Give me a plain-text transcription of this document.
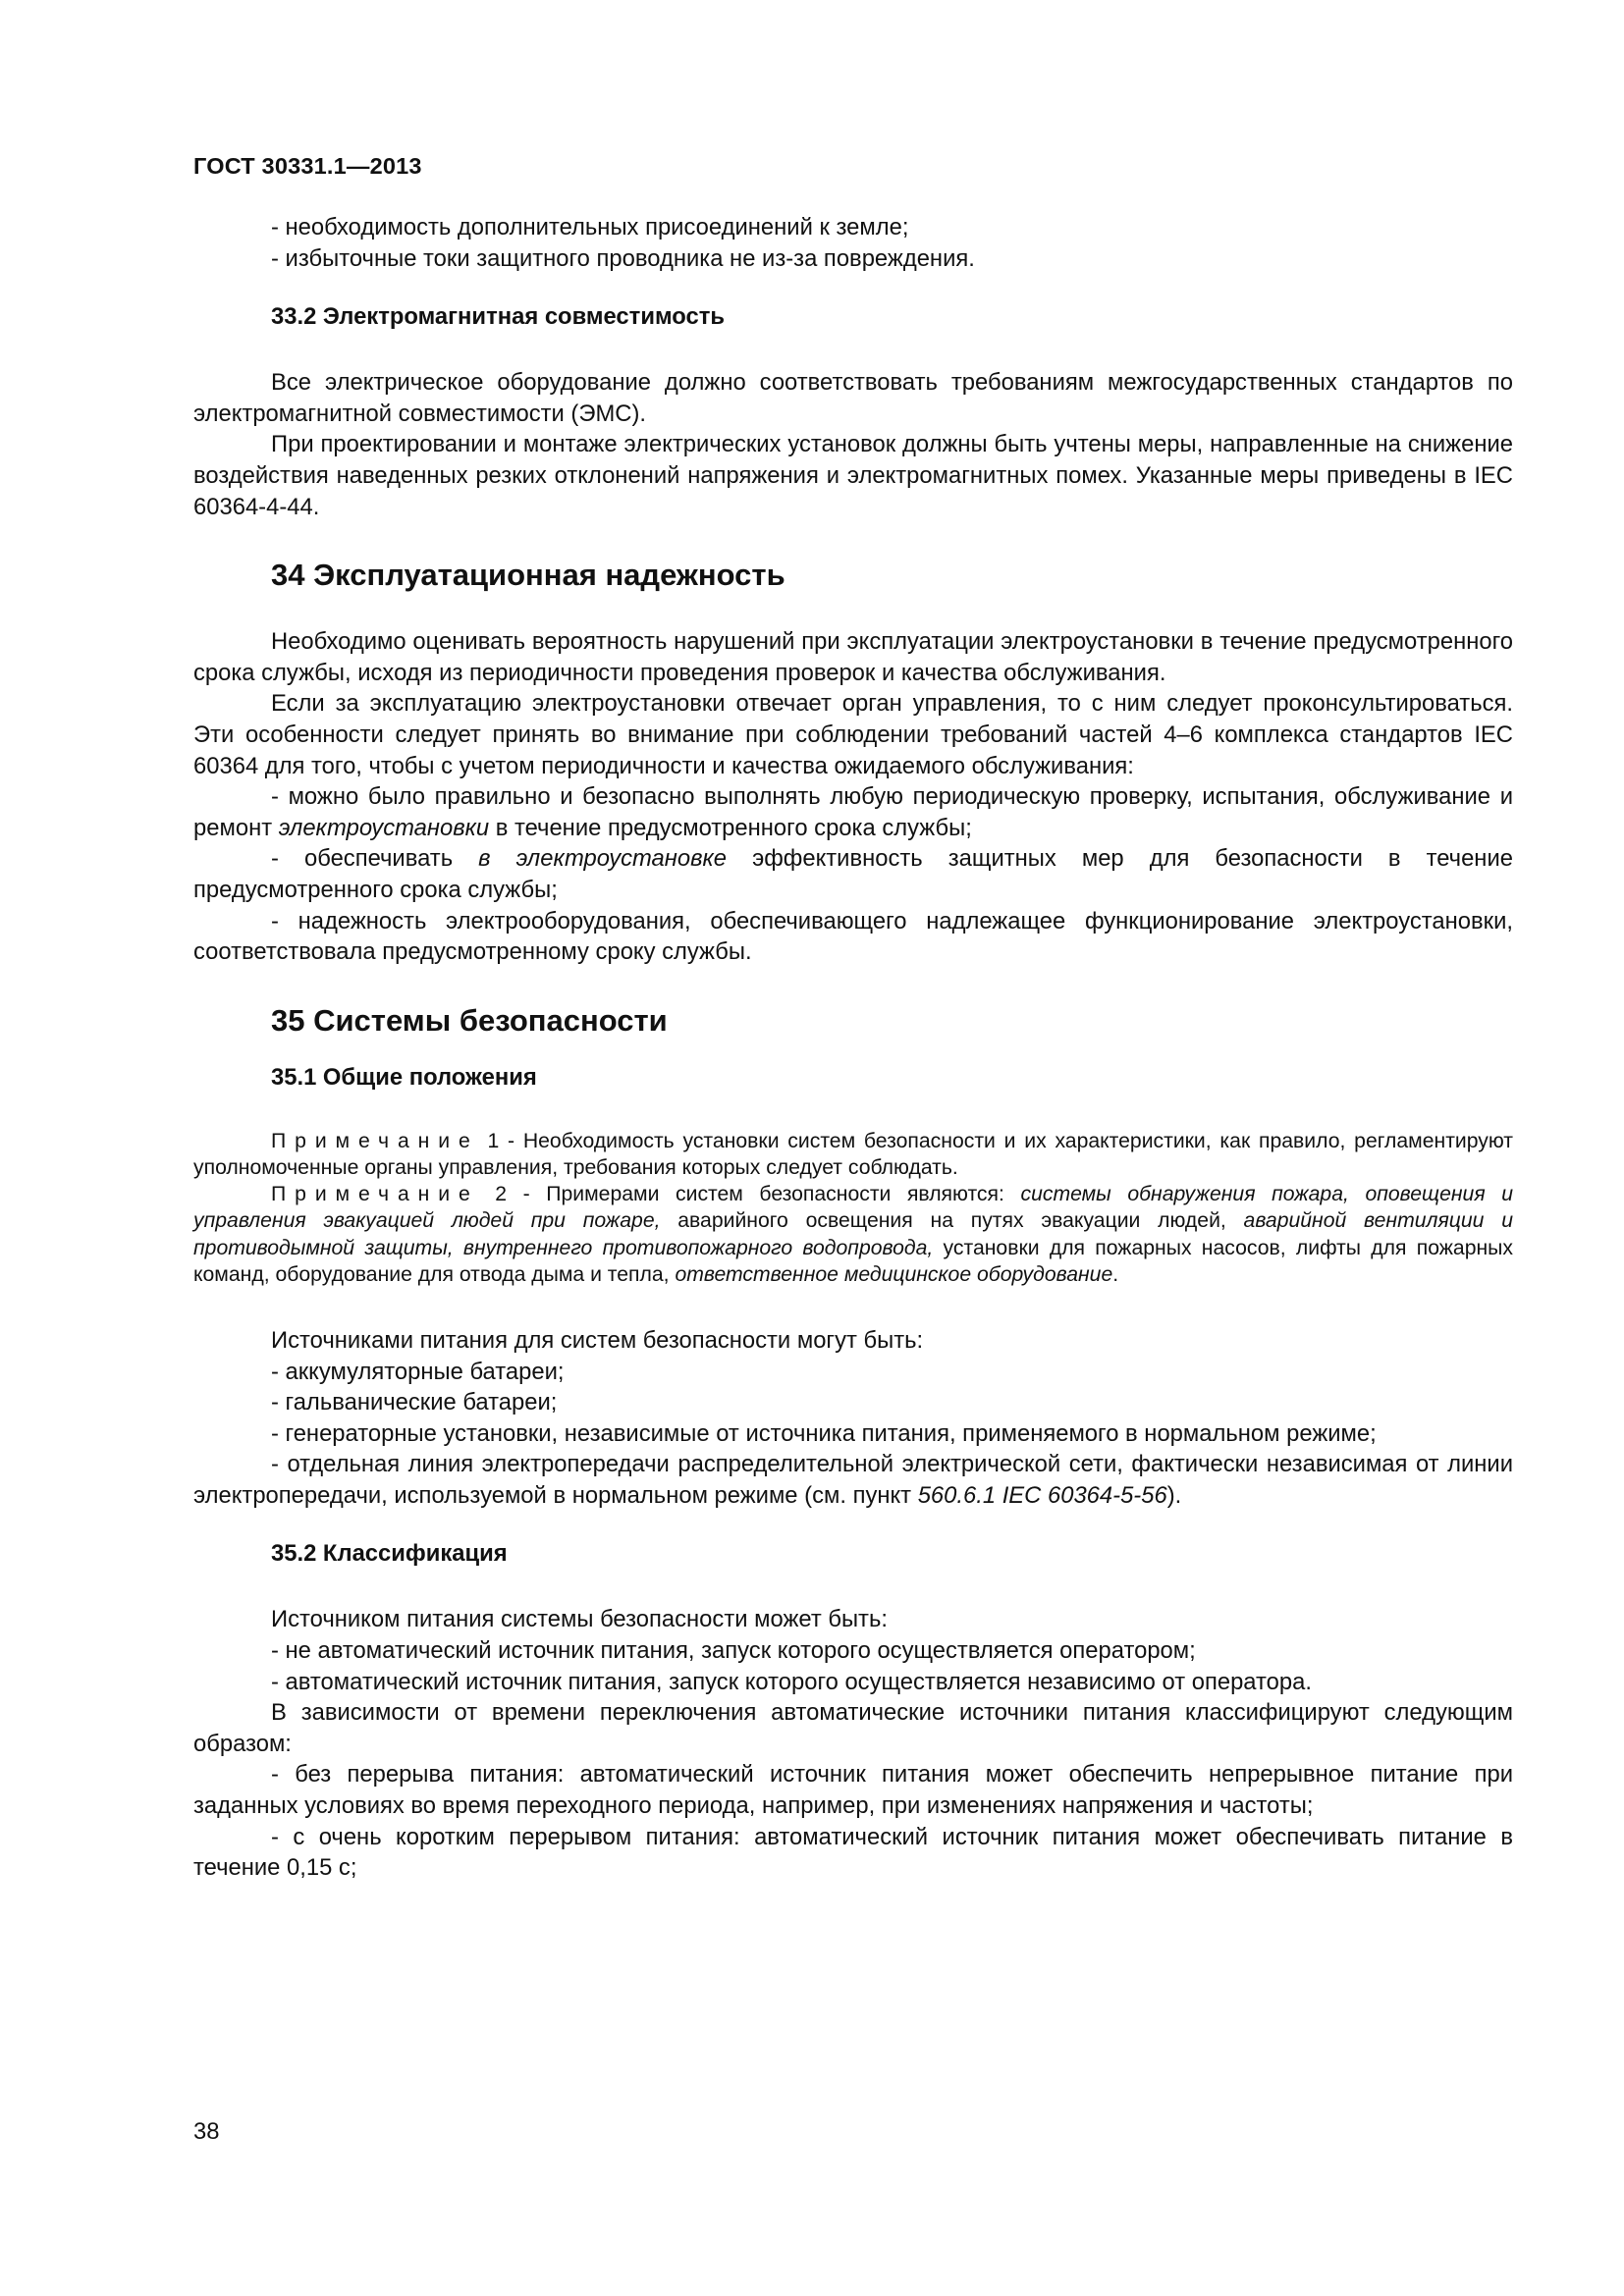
ГОСТ 30331.1—2013

- необходимость дополнительных присоединений к земле;

- избыточные токи защитного проводника не из-за повреждения.

33.2 Электромагнитная совместимость

Все электрическое оборудование должно соответствовать требованиям межгосударственных стандартов по электромагнитной совместимости (ЭМС).

При проектировании и монтаже электрических установок должны быть учтены меры, направленные на снижение воздействия наведенных резких отклонений напряжения и электромагнитных помех. Указанные меры приведены в IEC 60364-4-44.

34 Эксплуатационная надежность

Необходимо оценивать вероятность нарушений при эксплуатации электроустановки в течение предусмотренного срока службы, исходя из периодичности проведения проверок и качества обслуживания.

Если за эксплуатацию электроустановки отвечает орган управления, то с ним следует проконсультироваться. Эти особенности следует принять во внимание при соблюдении требований частей 4–6 комплекса стандартов IEC 60364 для того, чтобы с учетом периодичности и качества ожидаемого обслуживания:

- можно было правильно и безопасно выполнять любую периодическую проверку, испытания, обслуживание и ремонт электроустановки в течение предусмотренного срока службы;

- обеспечивать в электроустановке эффективность защитных мер для безопасности в течение предусмотренного срока службы;

- надежность электрооборудования, обеспечивающего надлежащее функционирование электроустановки, соответствовала предусмотренному сроку службы.

35 Системы безопасности
35.1 Общие положения

Примечание 1 - Необходимость установки систем безопасности и их характеристики, как правило, регламентируют уполномоченные органы управления, требования которых следует соблюдать.

Примечание 2 - Примерами систем безопасности являются: системы обнаружения пожара, оповещения и управления эвакуацией людей при пожаре, аварийного освещения на путях эвакуации людей, аварийной вентиляции и противодымной защиты, внутреннего противопожарного водопровода, установки для пожарных насосов, лифты для пожарных команд, оборудование для отвода дыма и тепла, ответственное медицинское оборудование.

Источниками питания для систем безопасности могут быть:

- аккумуляторные батареи;

- гальванические батареи;

- генераторные установки, независимые от источника питания, применяемого в нормальном режиме;

- отдельная линия электропередачи распределительной электрической сети, фактически независимая от линии электропередачи, используемой в нормальном режиме (см. пункт 560.6.1 IEC 60364-5-56).

35.2 Классификация

Источником питания системы безопасности может быть:

- не автоматический источник питания, запуск которого осуществляется оператором;

- автоматический источник питания, запуск которого осуществляется независимо от оператора.

В зависимости от времени переключения автоматические источники питания классифицируют следующим образом:

- без перерыва питания: автоматический источник питания может обеспечить непрерывное питание при заданных условиях во время переходного периода, например, при изменениях напряжения и частоты;

- с очень коротким перерывом питания: автоматический источник питания может обеспечивать питание в течение 0,15 с;

38
